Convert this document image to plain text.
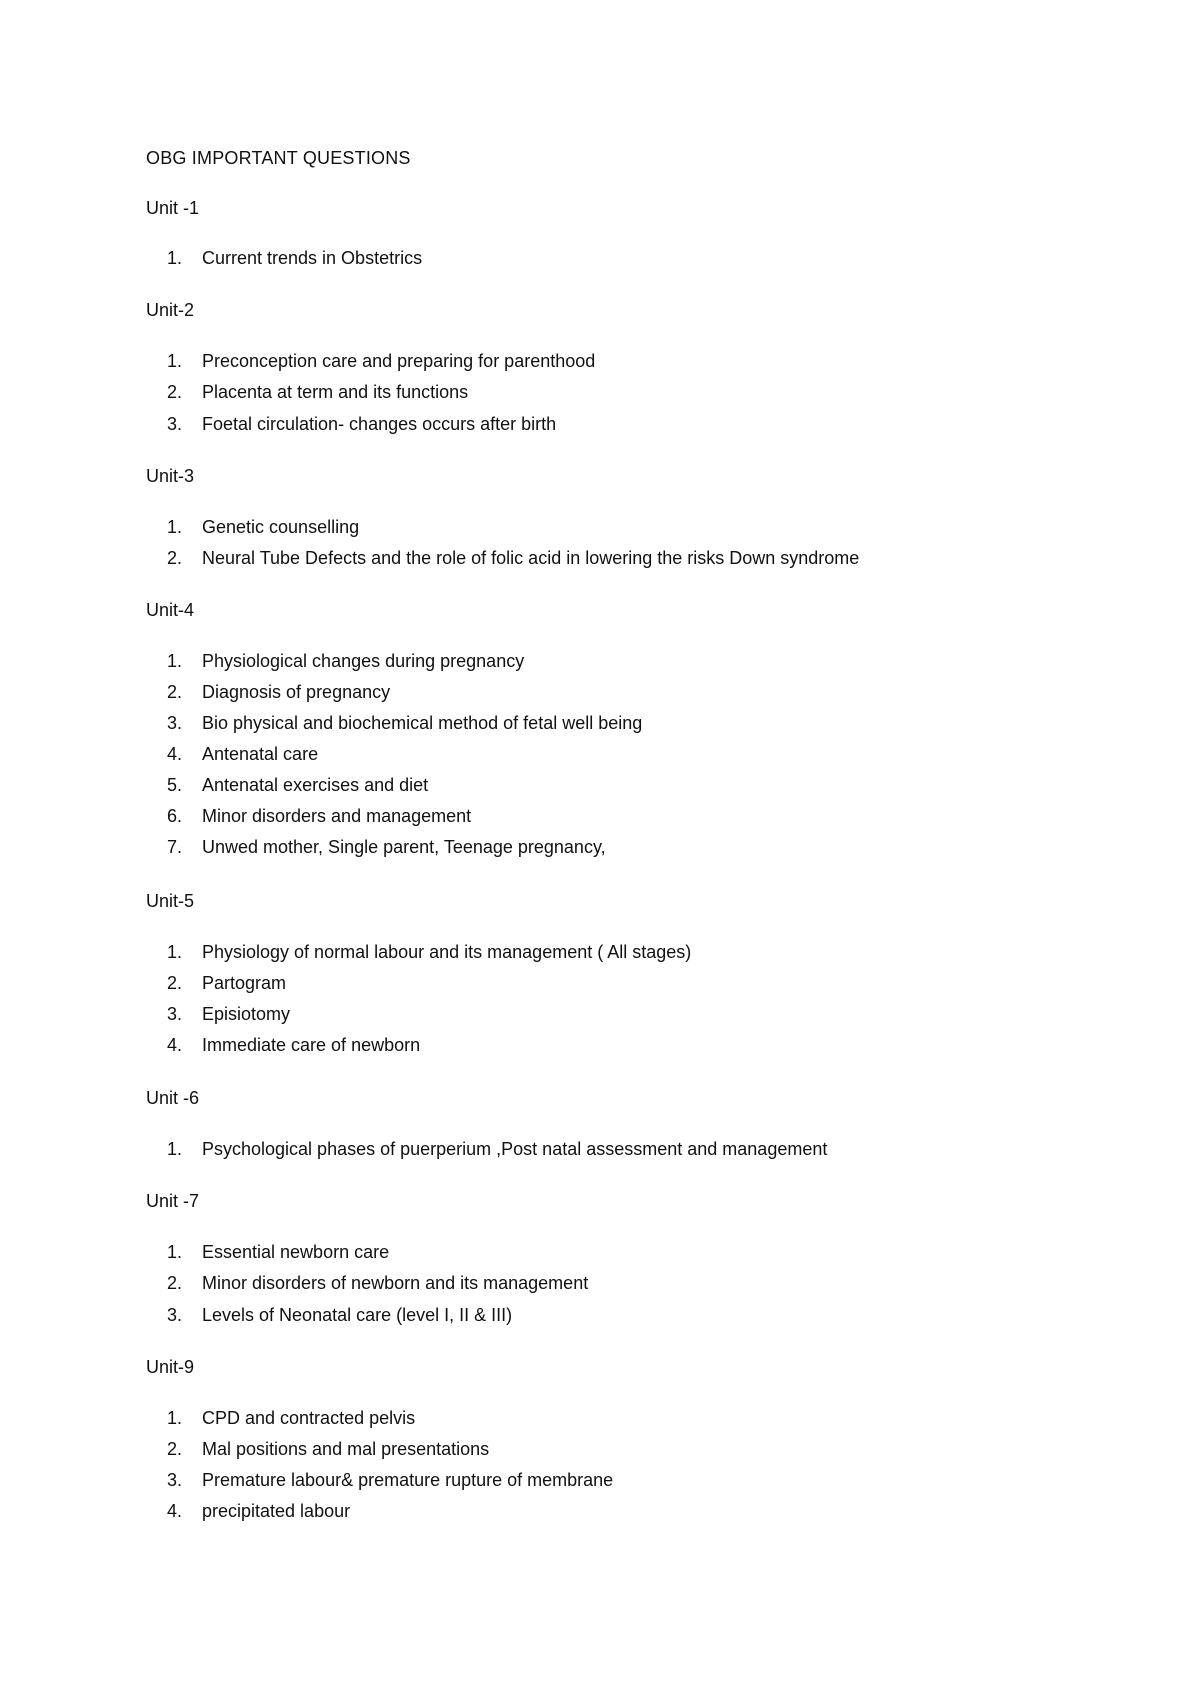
OBG IMPORTANT QUESTIONS
Unit -1
1.	Current trends in Obstetrics
Unit-2
1.	Preconception care and preparing for parenthood
2.	Placenta at term and its functions
3.	Foetal circulation- changes occurs after birth
Unit-3
1.	Genetic counselling
2.	Neural Tube Defects and the role of folic acid in lowering the risks Down syndrome
Unit-4
1.	Physiological changes during pregnancy
2.	Diagnosis of pregnancy
3.	Bio physical and biochemical method of fetal well being
4.	Antenatal care
5.	Antenatal exercises and diet
6.	Minor disorders and management
7.	Unwed mother, Single parent, Teenage pregnancy,
Unit-5
1.	Physiology of normal labour and its management ( All stages)
2.	Partogram
3.	Episiotomy
4.	Immediate care of newborn
Unit -6
1.	Psychological phases of puerperium ,Post natal assessment and management
Unit -7
1.	Essential newborn care
2.	Minor disorders of newborn and its management
3.	Levels of Neonatal care (level I, II & III)
Unit-9
1.	CPD and contracted pelvis
2.	Mal positions and mal presentations
3.	Premature labour& premature rupture of membrane
4.	precipitated labour
